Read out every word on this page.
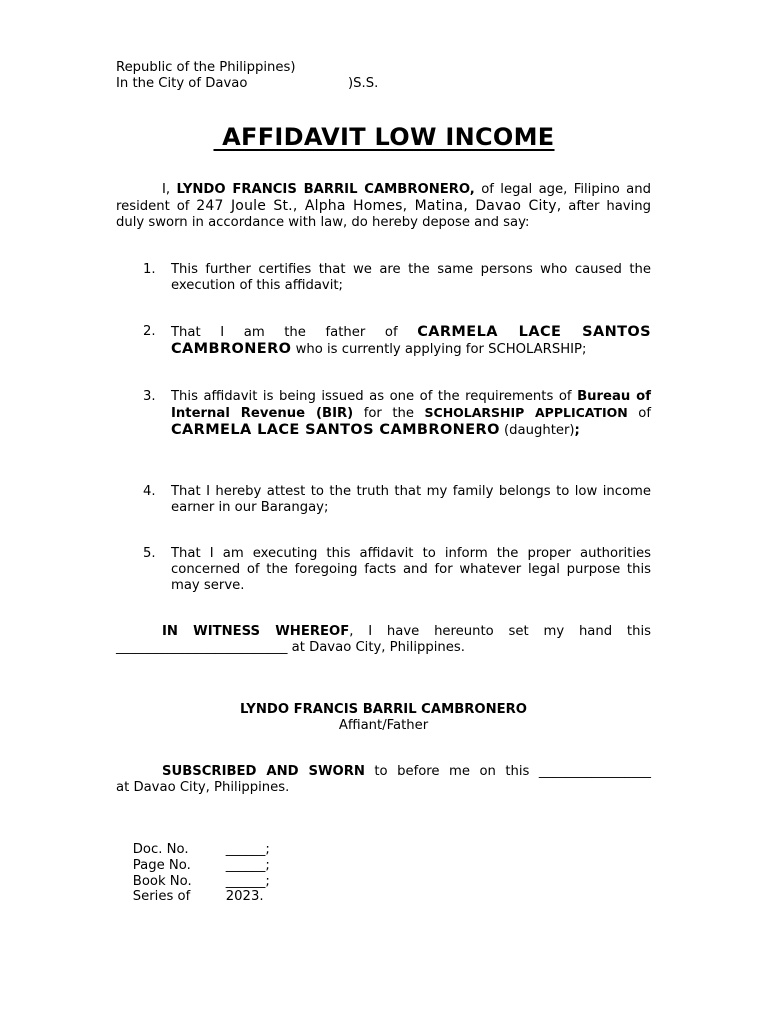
Republic of the Philippines)
In the City of Davao	)S.S.
AFFIDAVIT LOW INCOME
I, LYNDO FRANCIS BARRIL CAMBRONERO, of legal age, Filipino and resident of 247 Joule St., Alpha Homes, Matina, Davao City, after having duly sworn in accordance with law, do hereby depose and say:
1. This further certifies that we are the same persons who caused the execution of this affidavit;
2. That I am the father of CARMELA LACE SANTOS CAMBRONERO who is currently applying for SCHOLARSHIP;
3. This affidavit is being issued as one of the requirements of Bureau of Internal Revenue (BIR) for the SCHOLARSHIP APPLICATION of CARMELA LACE SANTOS CAMBRONERO (daughter);
4. That I hereby attest to the truth that my family belongs to low income earner in our Barangay;
5. That I am executing this affidavit to inform the proper authorities concerned of the foregoing facts and for whatever legal purpose this may serve.
IN WITNESS WHEREOF, I have hereunto set my hand this
__________________________ at Davao City, Philippines.
LYNDO FRANCIS BARRIL CAMBRONERO
Affiant/Father
SUBSCRIBED AND SWORN to before me on this _________________
at Davao City, Philippines.

Doc. No.	______;

Page No.	______;

Book No.	______;

Series of	2023.
